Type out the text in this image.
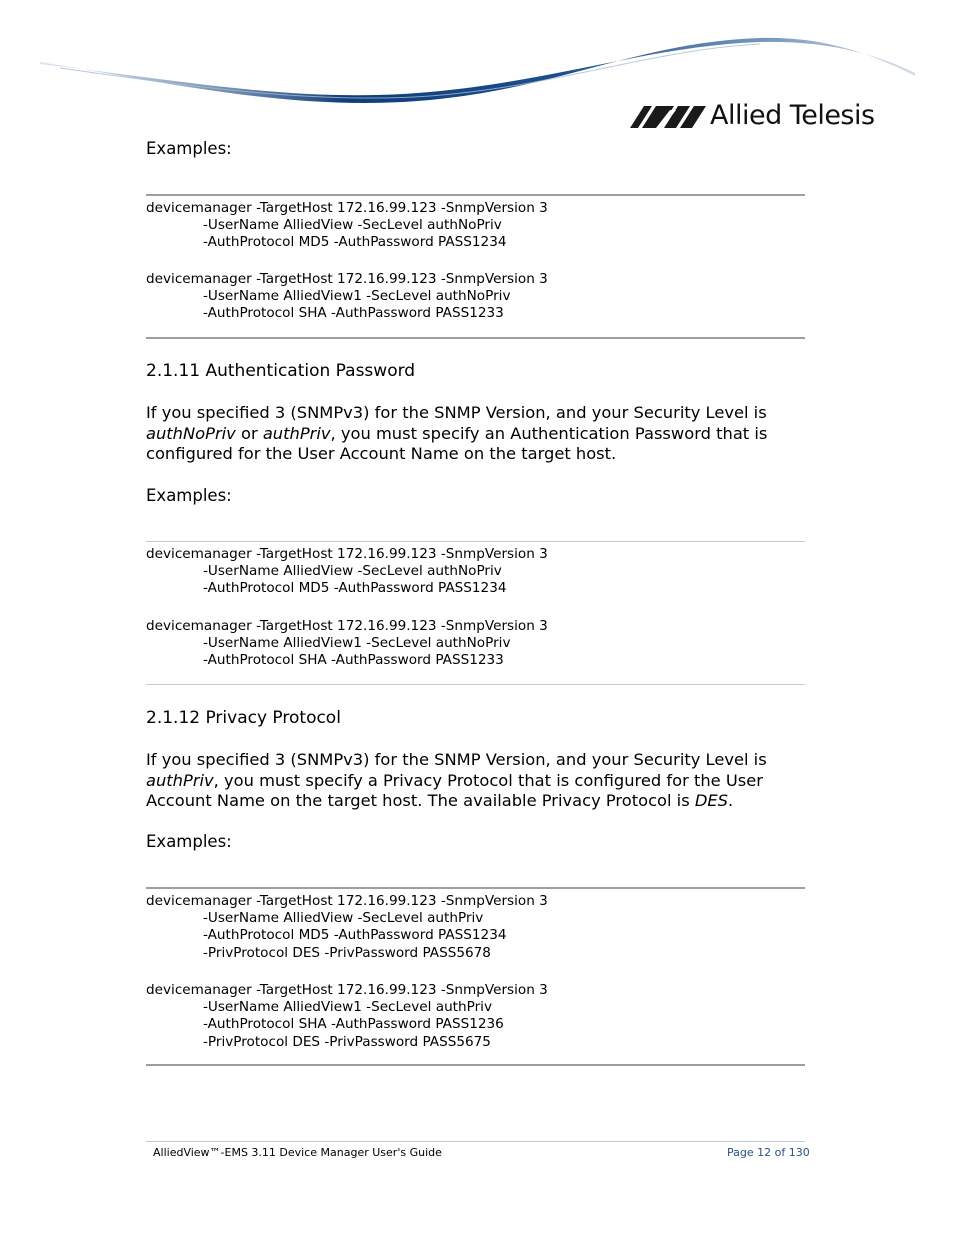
Allied Telesis
Examples:
devicemanager -TargetHost 172.16.99.123 -SnmpVersion 3
-UserName AlliedView -SecLevel authNoPriv
-AuthProtocol MD5 -AuthPassword PASS1234
devicemanager -TargetHost 172.16.99.123 -SnmpVersion 3
-UserName AlliedView1 -SecLevel authNoPriv
-AuthProtocol SHA -AuthPassword PASS1233
2.1.11 Authentication Password
If you specified 3 (SNMPv3) for the SNMP Version, and your Security Level is authNoPriv or authPriv, you must specify an Authentication Password that is configured for the User Account Name on the target host.
Examples:
devicemanager -TargetHost 172.16.99.123 -SnmpVersion 3
-UserName AlliedView -SecLevel authNoPriv
-AuthProtocol MD5 -AuthPassword PASS1234
devicemanager -TargetHost 172.16.99.123 -SnmpVersion 3
-UserName AlliedView1 -SecLevel authNoPriv
-AuthProtocol SHA -AuthPassword PASS1233
2.1.12 Privacy Protocol
If you specified 3 (SNMPv3) for the SNMP Version, and your Security Level is authPriv, you must specify a Privacy Protocol that is configured for the User Account Name on the target host. The available Privacy Protocol is DES.
Examples:
devicemanager -TargetHost 172.16.99.123 -SnmpVersion 3
-UserName AlliedView -SecLevel authPriv
-AuthProtocol MD5 -AuthPassword PASS1234
-PrivProtocol DES -PrivPassword PASS5678
devicemanager -TargetHost 172.16.99.123 -SnmpVersion 3
-UserName AlliedView1 -SecLevel authPriv
-AuthProtocol SHA -AuthPassword PASS1236
-PrivProtocol DES -PrivPassword PASS5675
AlliedView™-EMS 3.11 Device Manager User's Guide	Page 12 of 130
